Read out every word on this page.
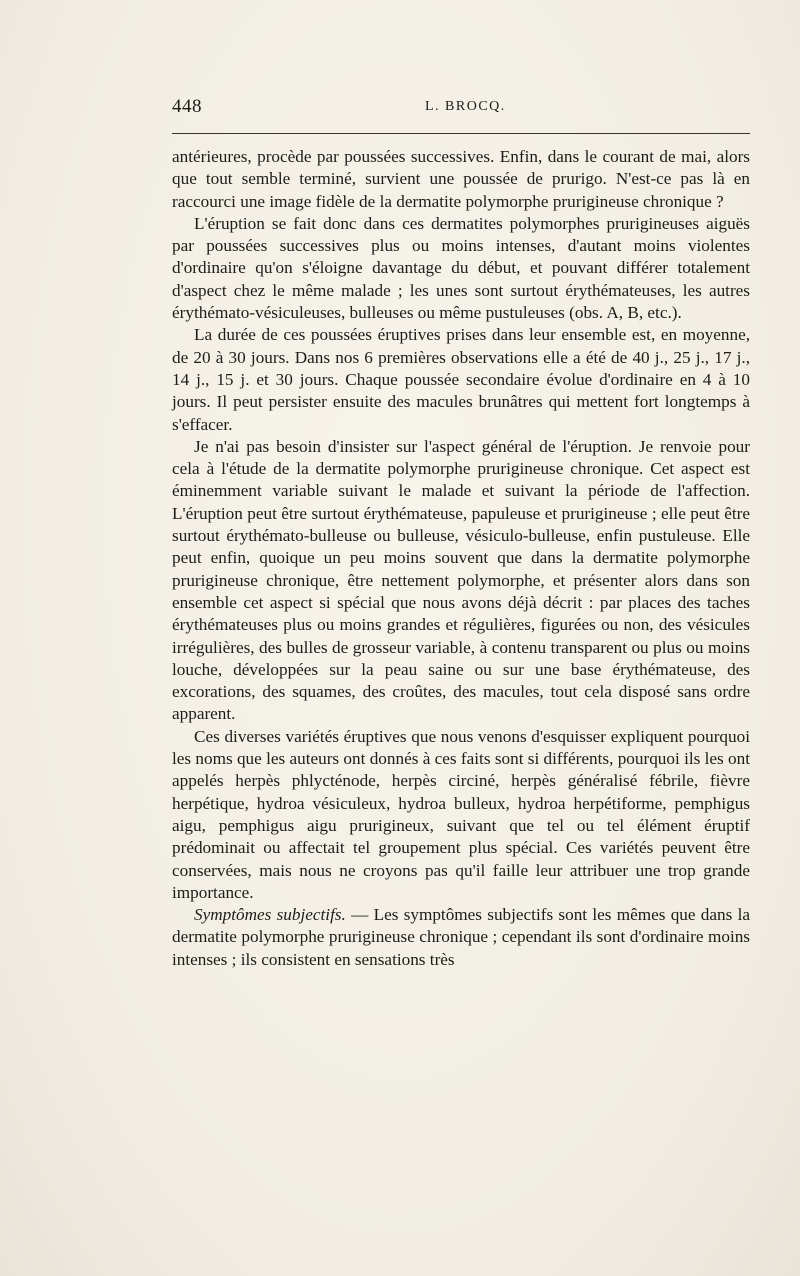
448	L. BROCQ.

antérieures, procède par poussées successives. Enfin, dans le courant de mai, alors que tout semble terminé, survient une poussée de prurigo. N'est-ce pas là en raccourci une image fidèle de la dermatite polymorphe prurigineuse chronique ?

L'éruption se fait donc dans ces dermatites polymorphes prurigineuses aiguës par poussées successives plus ou moins intenses, d'autant moins violentes d'ordinaire qu'on s'éloigne davantage du début, et pouvant différer totalement d'aspect chez le même malade ; les unes sont surtout érythémateuses, les autres érythémato-vésiculeuses, bulleuses ou même pustuleuses (obs. A, B, etc.).

La durée de ces poussées éruptives prises dans leur ensemble est, en moyenne, de 20 à 30 jours. Dans nos 6 premières observations elle a été de 40 j., 25 j., 17 j., 14 j., 15 j. et 30 jours. Chaque poussée secondaire évolue d'ordinaire en 4 à 10 jours. Il peut persister ensuite des macules brunâtres qui mettent fort longtemps à s'effacer.

Je n'ai pas besoin d'insister sur l'aspect général de l'éruption. Je renvoie pour cela à l'étude de la dermatite polymorphe prurigineuse chronique. Cet aspect est éminemment variable suivant le malade et suivant la période de l'affection. L'éruption peut être surtout érythémateuse, papuleuse et prurigineuse ; elle peut être surtout érythémato-bulleuse ou bulleuse, vésiculo-bulleuse, enfin pustuleuse. Elle peut enfin, quoique un peu moins souvent que dans la dermatite polymorphe prurigineuse chronique, être nettement polymorphe, et présenter alors dans son ensemble cet aspect si spécial que nous avons déjà décrit : par places des taches érythémateuses plus ou moins grandes et régulières, figurées ou non, des vésicules irrégulières, des bulles de grosseur variable, à contenu transparent ou plus ou moins louche, développées sur la peau saine ou sur une base érythémateuse, des excorations, des squames, des croûtes, des macules, tout cela disposé sans ordre apparent.

Ces diverses variétés éruptives que nous venons d'esquisser expliquent pourquoi les noms que les auteurs ont donnés à ces faits sont si différents, pourquoi ils les ont appelés herpès phlycténode, herpès circiné, herpès généralisé fébrile, fièvre herpétique, hydroa vésiculeux, hydroa bulleux, hydroa herpétiforme, pemphigus aigu, pemphigus aigu prurigineux, suivant que tel ou tel élément éruptif prédominait ou affectait tel groupement plus spécial. Ces variétés peuvent être conservées, mais nous ne croyons pas qu'il faille leur attribuer une trop grande importance.

Symptômes subjectifs. — Les symptômes subjectifs sont les mêmes que dans la dermatite polymorphe prurigineuse chronique ; cependant ils sont d'ordinaire moins intenses ; ils consistent en sensations très
